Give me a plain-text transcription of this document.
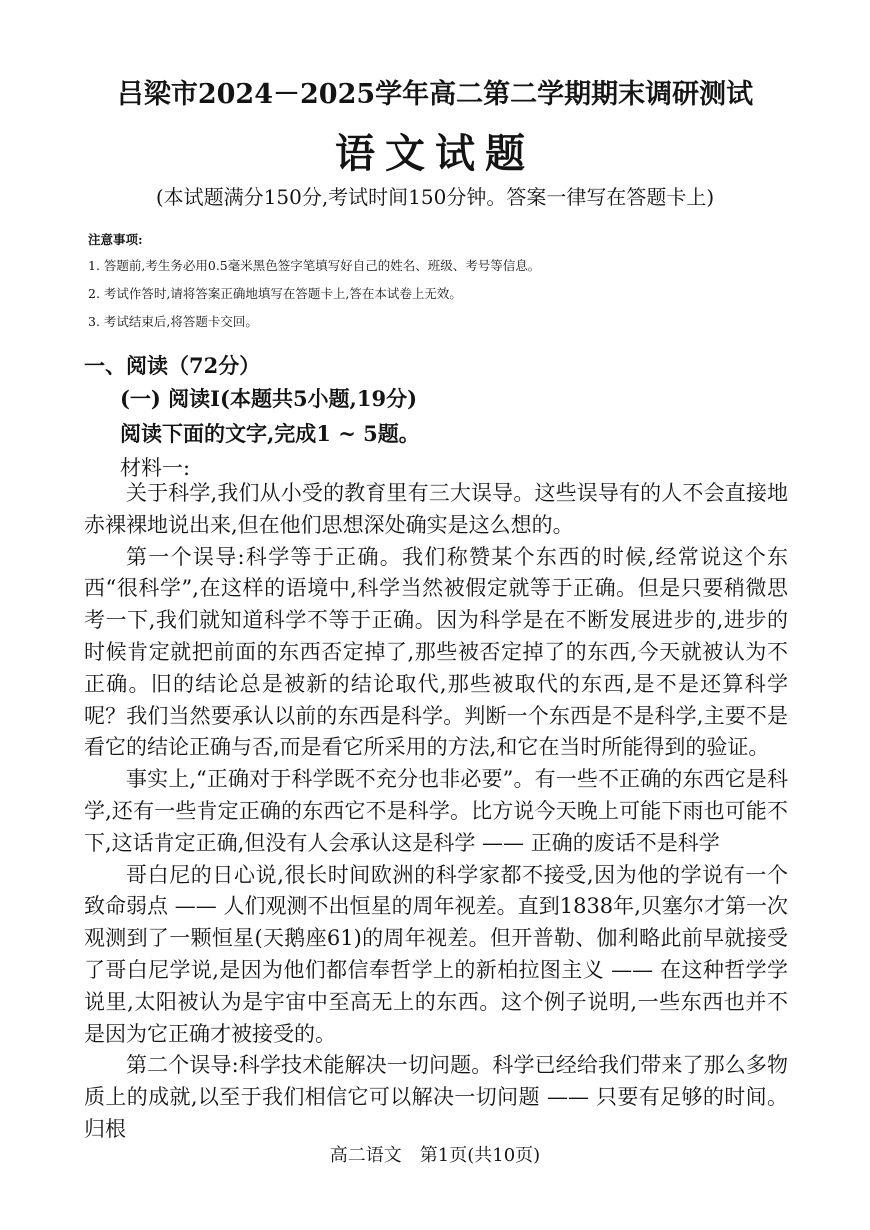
吕梁市2024－2025学年高二第二学期期末调研测试
语文试题
(本试题满分150分,考试时间150分钟。答案一律写在答题卡上)
注意事项:
1. 答题前,考生务必用0.5毫米黑色签字笔填写好自己的姓名、班级、考号等信息。
2. 考试作答时,请将答案正确地填写在答题卡上,答在本试卷上无效。
3. 考试结束后,将答题卡交回。
一、阅读（72分）
(一) 阅读Ⅰ(本题共5小题,19分)
阅读下面的文字,完成1 ~ 5题。
材料一:

关于科学,我们从小受的教育里有三大误导。这些误导有的人不会直接地赤裸裸地说出来,但在他们思想深处确实是这么想的。

第一个误导:科学等于正确。我们称赞某个东西的时候,经常说这个东西“很科学”,在这样的语境中,科学当然被假定就等于正确。但是只要稍微思考一下,我们就知道科学不等于正确。因为科学是在不断发展进步的,进步的时候肯定就把前面的东西否定掉了,那些被否定掉了的东西,今天就被认为不正确。旧的结论总是被新的结论取代,那些被取代的东西,是不是还算科学呢？我们当然要承认以前的东西是科学。判断一个东西是不是科学,主要不是看它的结论正确与否,而是看它所采用的方法,和它在当时所能得到的验证。

事实上,“正确对于科学既不充分也非必要”。有一些不正确的东西它是科学,还有一些肯定正确的东西它不是科学。比方说今天晚上可能下雨也可能不下,这话肯定正确,但没有人会承认这是科学 —— 正确的废话不是科学

哥白尼的日心说,很长时间欧洲的科学家都不接受,因为他的学说有一个致命弱点 —— 人们观测不出恒星的周年视差。直到1838年,贝塞尔才第一次观测到了一颗恒星(天鹅座61)的周年视差。但开普勒、伽利略此前早就接受了哥白尼学说,是因为他们都信奉哲学上的新柏拉图主义 —— 在这种哲学学说里,太阳被认为是宇宙中至高无上的东西。这个例子说明,一些东西也并不是因为它正确才被接受的。

第二个误导:科学技术能解决一切问题。科学已经给我们带来了那么多物质上的成就,以至于我们相信它可以解决一切问题 —— 只要有足够的时间。归根

高二语文　第1页(共10页)
